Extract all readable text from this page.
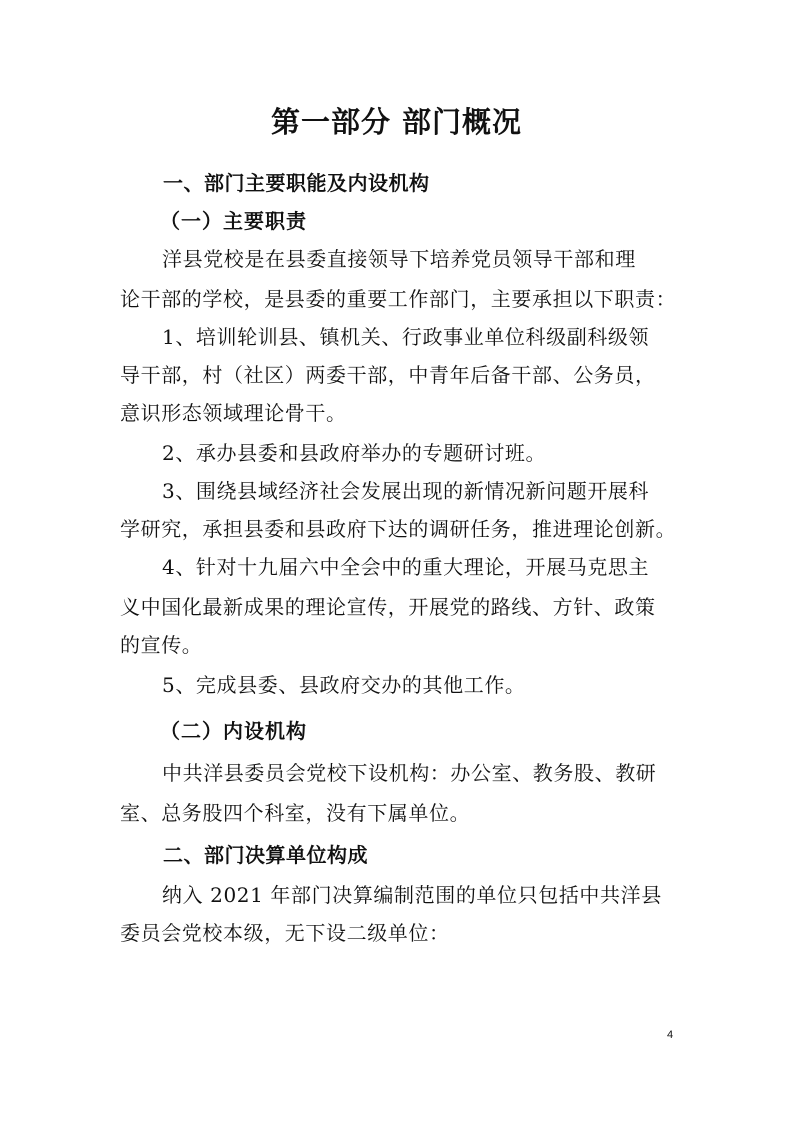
第一部分 部门概况
一、部门主要职能及内设机构
（一）主要职责
洋县党校是在县委直接领导下培养党员领导干部和理
论干部的学校，是县委的重要工作部门，主要承担以下职责：
1、培训轮训县、镇机关、行政事业单位科级副科级领
导干部，村（社区）两委干部，中青年后备干部、公务员，
意识形态领域理论骨干。
2、承办县委和县政府举办的专题研讨班。
3、围绕县域经济社会发展出现的新情况新问题开展科
学研究，承担县委和县政府下达的调研任务，推进理论创新。
4、针对十九届六中全会中的重大理论，开展马克思主
义中国化最新成果的理论宣传，开展党的路线、方针、政策
的宣传。
5、完成县委、县政府交办的其他工作。
（二）内设机构
中共洋县委员会党校下设机构：办公室、教务股、教研
室、总务股四个科室，没有下属单位。
二、部门决算单位构成
纳入 2021 年部门决算编制范围的单位只包括中共洋县
委员会党校本级，无下设二级单位：
4
